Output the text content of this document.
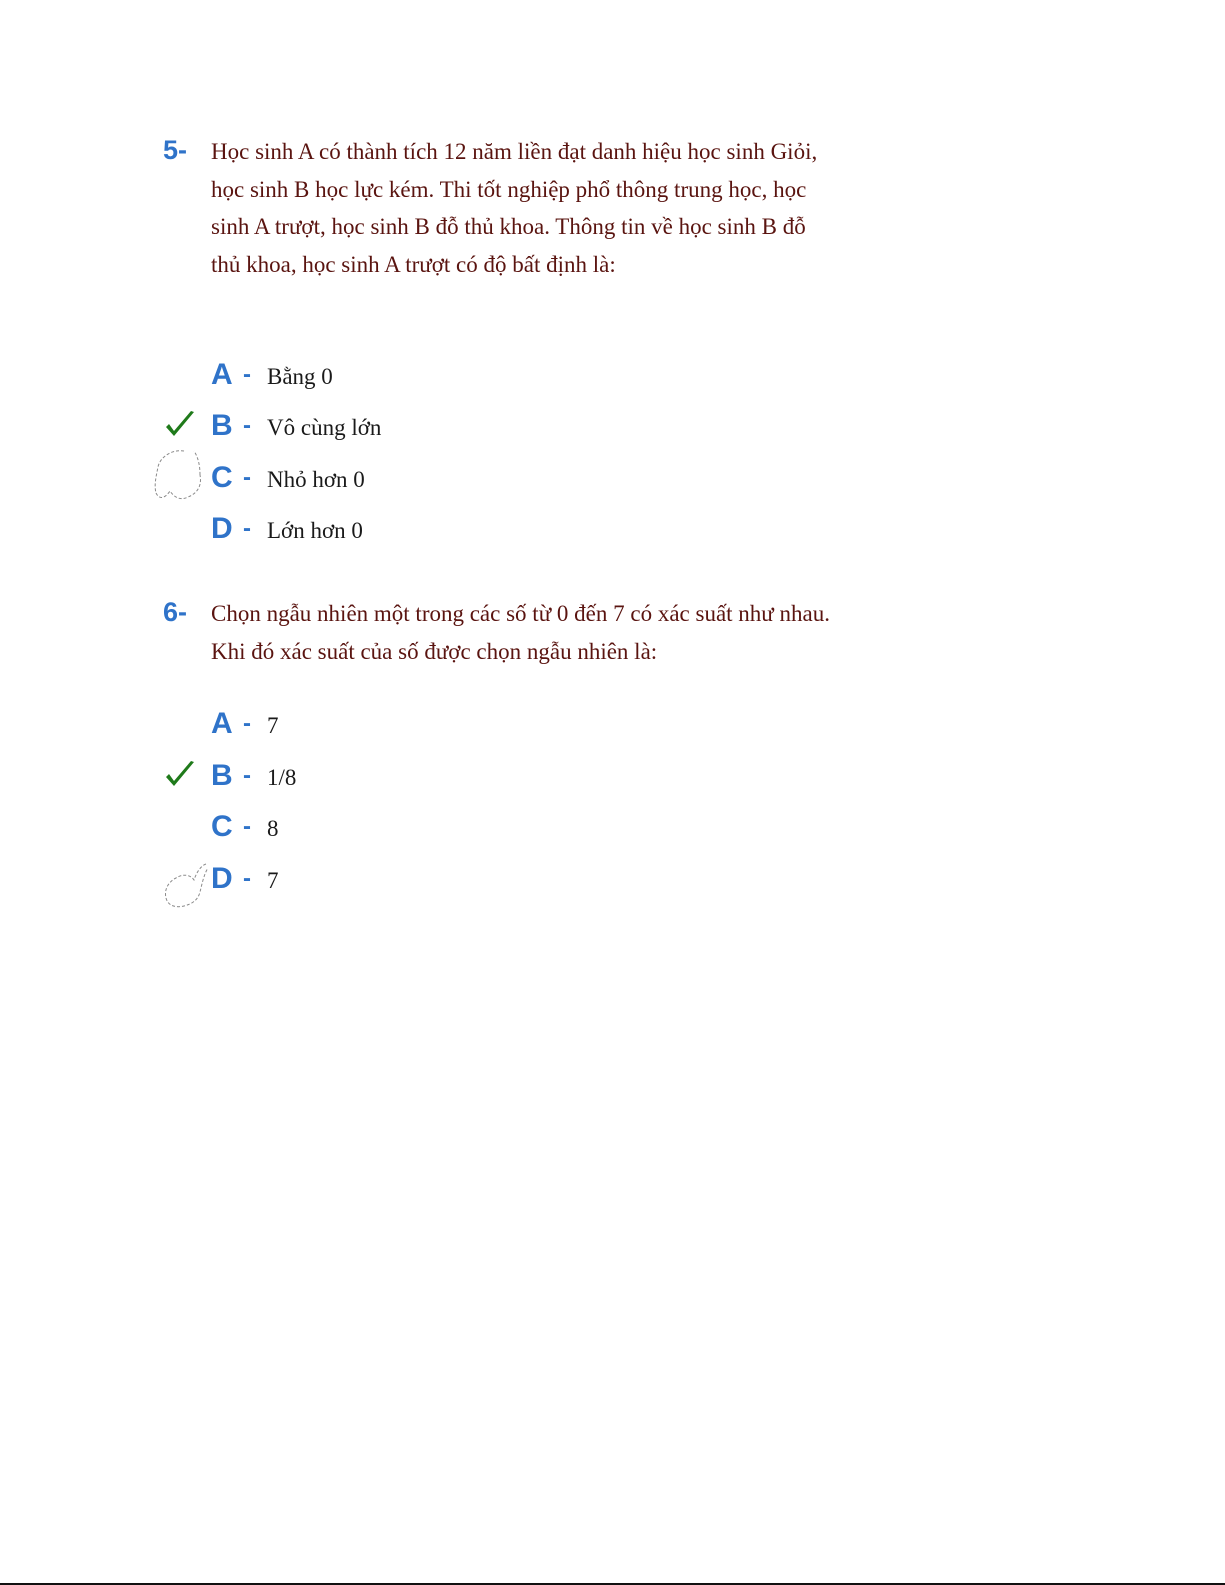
5- Học sinh A có thành tích 12 năm liền đạt danh hiệu học sinh Giỏi, học sinh B học lực kém. Thi tốt nghiệp phổ thông trung học, học sinh A trượt, học sinh B đỗ thủ khoa. Thông tin về học sinh B đỗ thủ khoa, học sinh A trượt có độ bất định là:
A - Bằng 0
B - Vô cùng lớn
C - Nhỏ hơn 0
D - Lớn hơn 0
6- Chọn ngẫu nhiên một trong các số từ 0 đến 7 có xác suất như nhau. Khi đó xác suất của số được chọn ngẫu nhiên là:
A - 7
B - 1/8
C - 8
D - 7
